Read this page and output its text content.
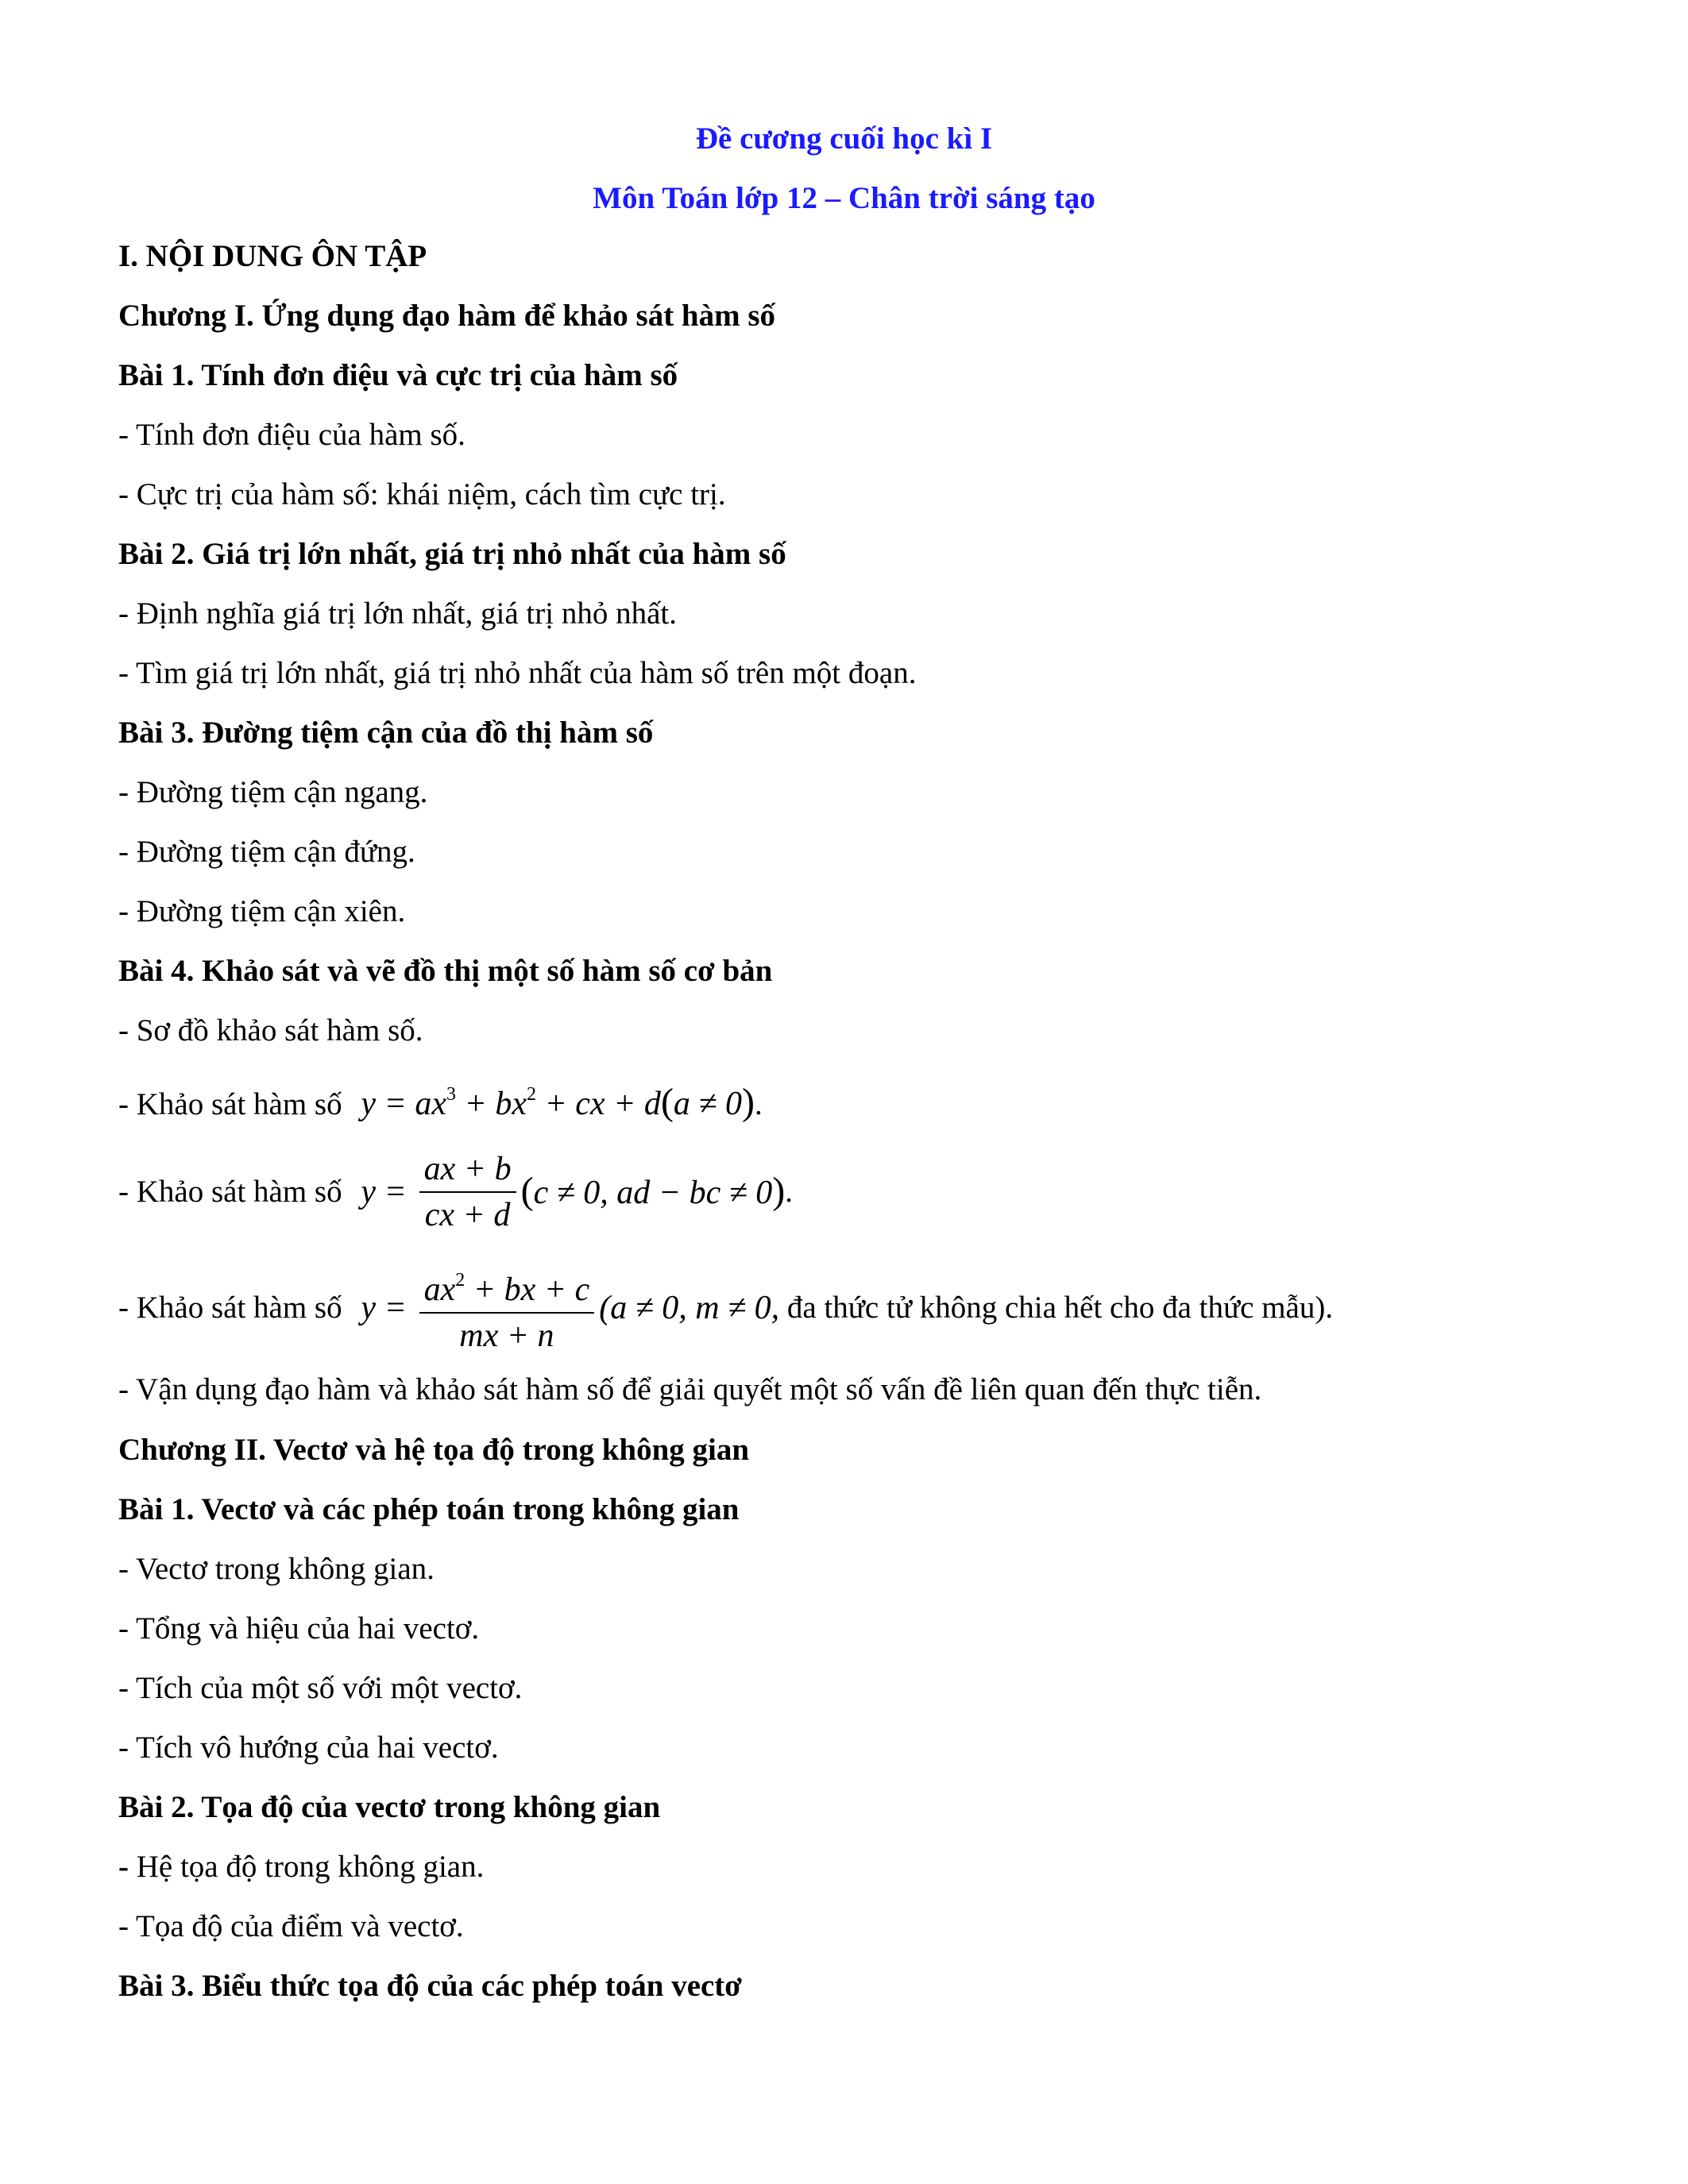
Đề cương cuối học kì I
Môn Toán lớp 12 – Chân trời sáng tạo
I. NỘI DUNG ÔN TẬP
Chương I. Ứng dụng đạo hàm để khảo sát hàm số
Bài 1. Tính đơn điệu và cực trị của hàm số
- Tính đơn điệu của hàm số.
- Cực trị của hàm số: khái niệm, cách tìm cực trị.
Bài 2. Giá trị lớn nhất, giá trị nhỏ nhất của hàm số
- Định nghĩa giá trị lớn nhất, giá trị nhỏ nhất.
- Tìm giá trị lớn nhất, giá trị nhỏ nhất của hàm số trên một đoạn.
Bài 3. Đường tiệm cận của đồ thị hàm số
- Đường tiệm cận ngang.
- Đường tiệm cận đứng.
- Đường tiệm cận xiên.
Bài 4. Khảo sát và vẽ đồ thị một số hàm số cơ bản
- Sơ đồ khảo sát hàm số.
- Khảo sát hàm số $y = ax^3 + bx^2$ + cx + d(a ≠ 0).
- Khảo sát hàm số $y = \frac{ax + b}{cx + d} (c \ne 0$, ad − bc ≠ 0).
- Khảo sát hàm số $y = \frac{ax^2 + bx + c}{mx + n} (a \ne 0$, m ≠ 0, đa thức tử không chia hết cho đa thức mẫu).
- Vận dụng đạo hàm và khảo sát hàm số để giải quyết một số vấn đề liên quan đến thực tiễn.
Chương II. Vectơ và hệ tọa độ trong không gian
Bài 1. Vectơ và các phép toán trong không gian
- Vectơ trong không gian.
- Tổng và hiệu của hai vectơ.
- Tích của một số với một vectơ.
- Tích vô hướng của hai vectơ.
Bài 2. Tọa độ của vectơ trong không gian
- Hệ tọa độ trong không gian.
- Tọa độ của điểm và vectơ.
Bài 3. Biểu thức tọa độ của các phép toán vectơ
